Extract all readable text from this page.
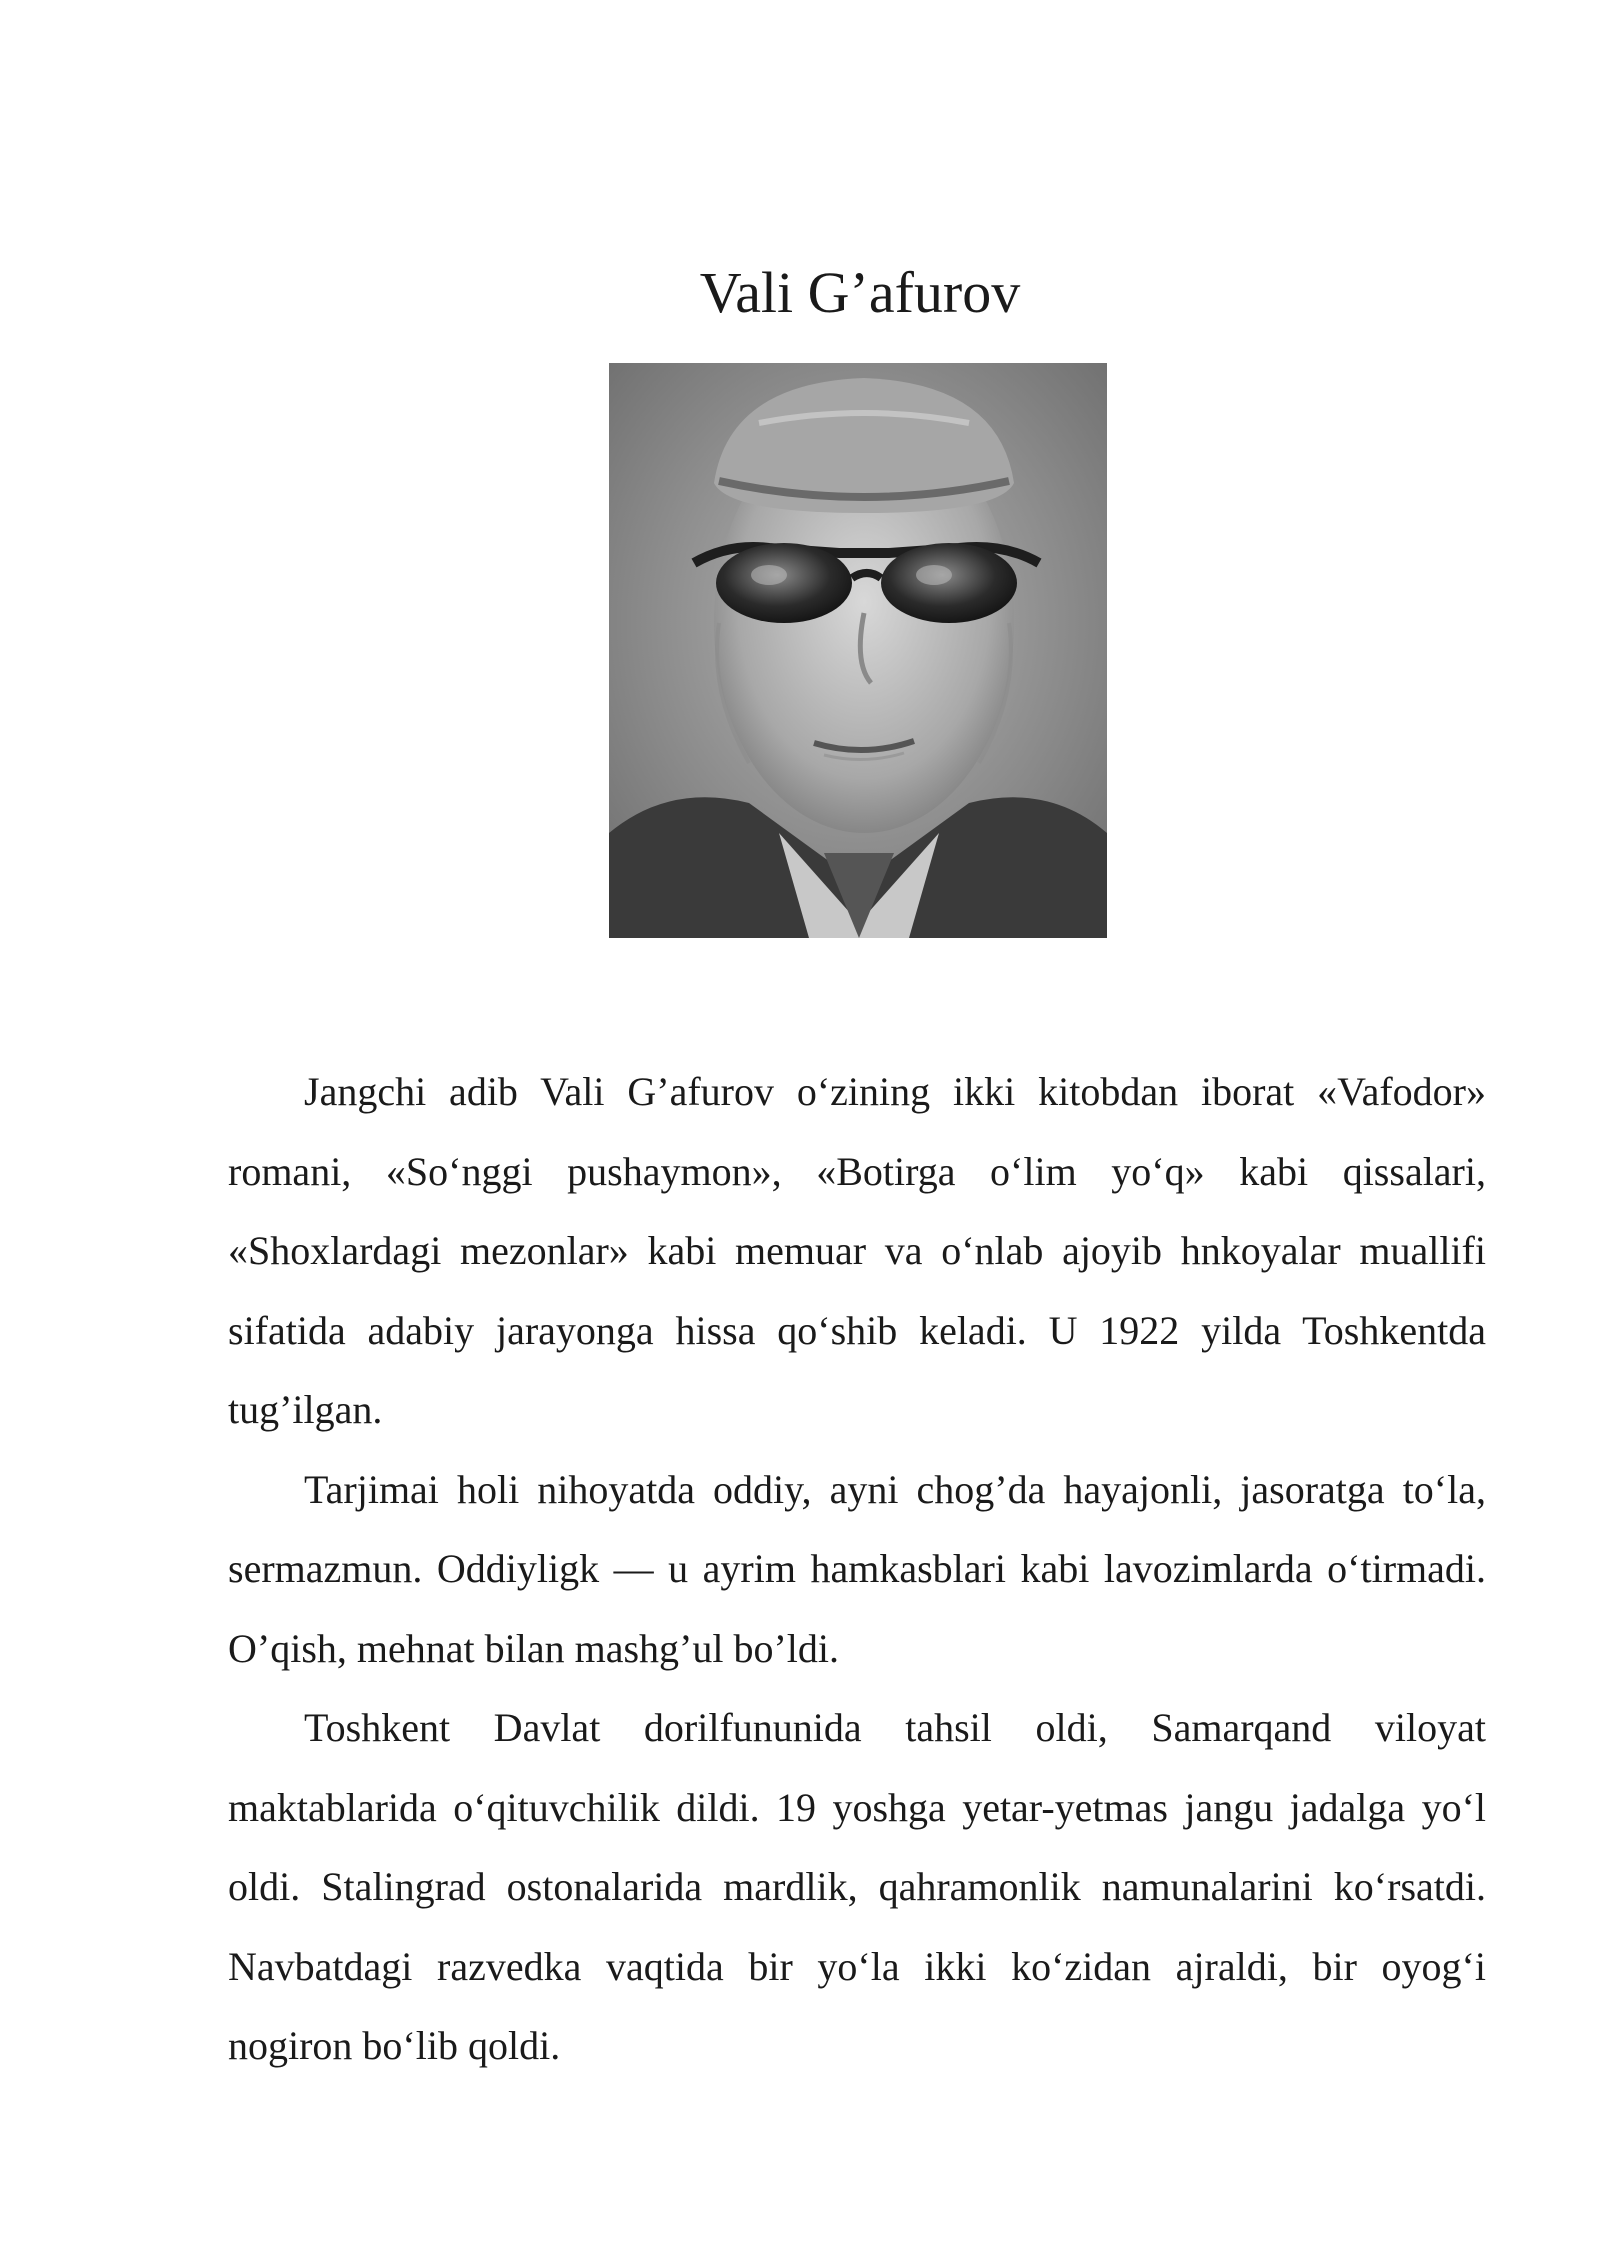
Vali G’afurov

Jangchi adib Vali G’afurov o‘zining ikki kitobdan iborat «Vafodor» romani, «So‘nggi pushaymon», «Botirga o‘lim yo‘q» kabi qissalari, «Shoxlardagi mezonlar» kabi memuar va o‘nlab ajoyib hnkoyalar muallifi sifatida adabiy jarayonga hissa qo‘shib keladi. U 1922 yilda Toshkentda tug’ilgan.

Tarjimai holi nihoyatda oddiy, ayni chog’da hayajonli, jasoratga to‘la, sermazmun. Oddiyligk — u ayrim hamkasblari kabi lavozimlarda o‘tirmadi. O’qish, mehnat bilan mashg’ul bo’ldi.

Toshkent Davlat dorilfununida tahsil oldi, Samarqand viloyat maktablarida o‘qituvchilik dildi. 19 yoshga yetar-yetmas jangu jadalga yo‘l oldi. Stalingrad ostonalarida mardlik, qahramonlik namunalarini ko‘rsatdi. Navbatdagi razvedka vaqtida bir yo‘la ikki ko‘zidan ajraldi, bir oyog‘i nogiron bo‘lib qoldi.
